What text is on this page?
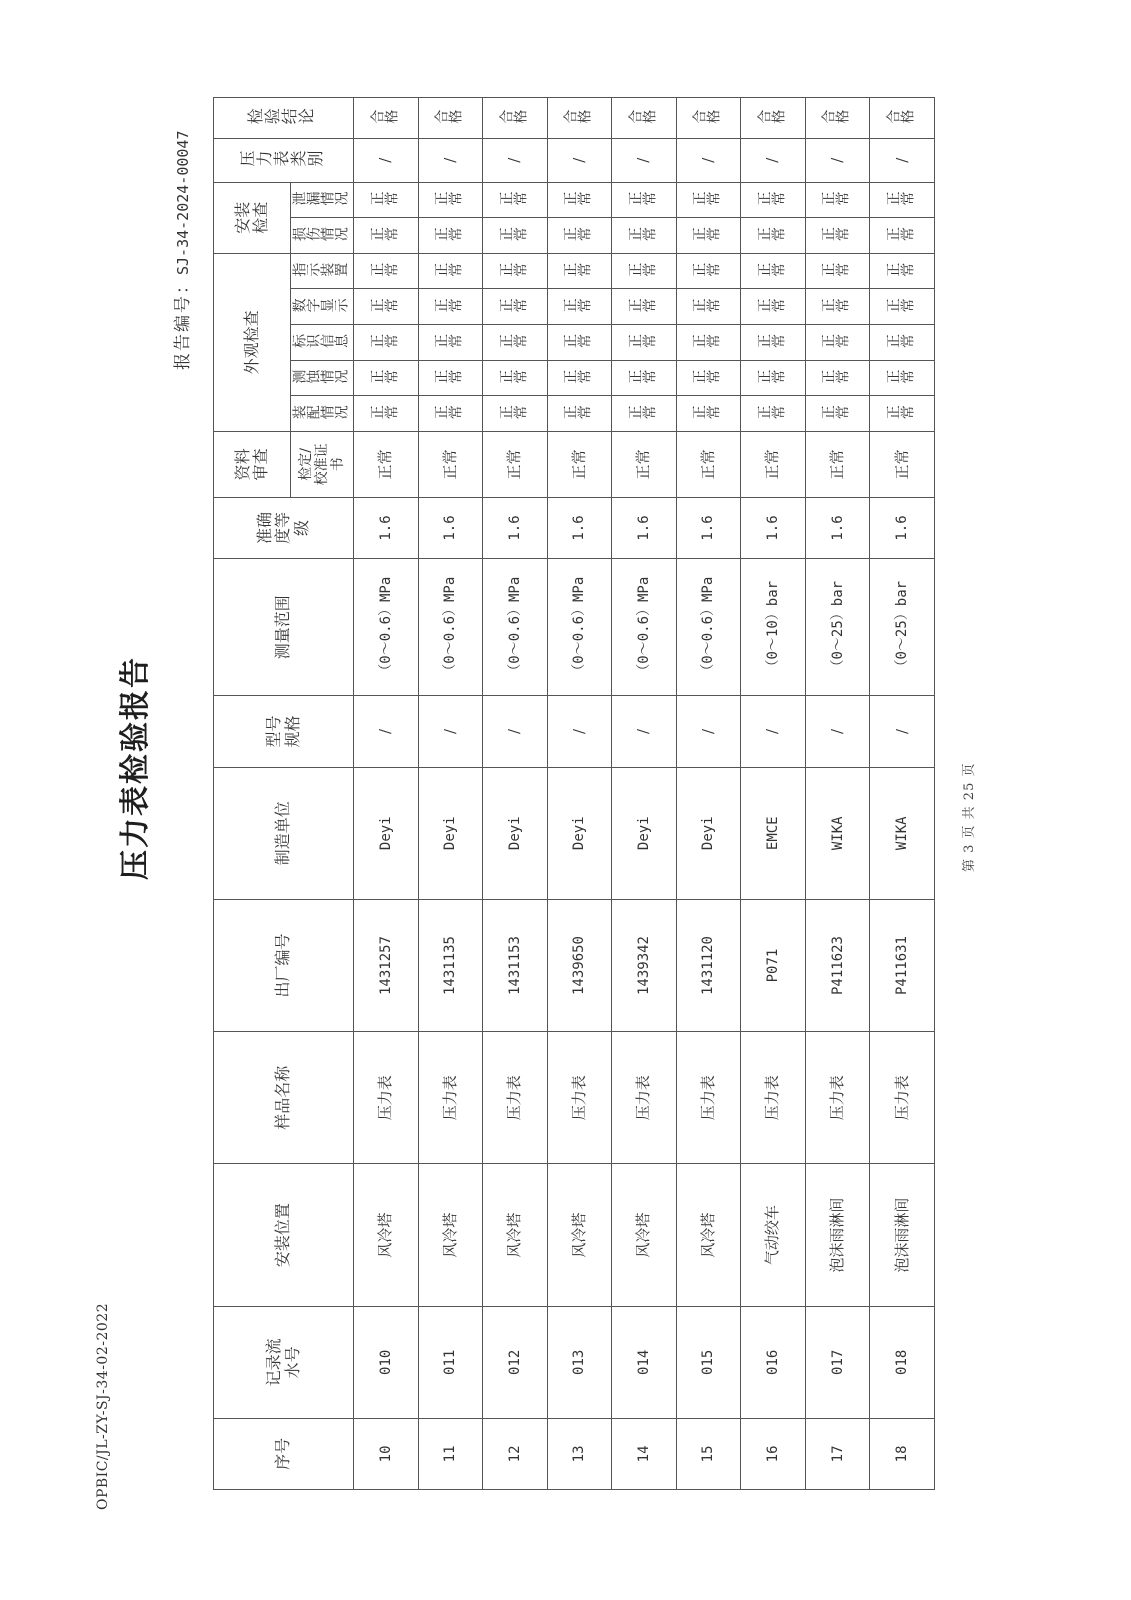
OPBIC/JL-ZY-SJ-34-02-2022
压力表检验报告
报告编号：SJ-34-2024-00047
序号	记录流水号	安装位置	样品名称	出厂编号	制造单位	型号规格	测量范围	准确度等级	资料审查	外观检查					安装检查		压力表类别	检验结论
									检定/校准证书	装配情况	测蚀情况	标识信息	数字显示	指示装置	损伤情况	泄漏情况		
10	010	风冷塔	压力表	1431257	Deyi	/	（0～0.6）MPa	1.6	正常	正常	正常	正常	正常	正常	正常	正常	/	合格
11	011	风冷塔	压力表	1431135	Deyi	/	（0～0.6）MPa	1.6	正常	正常	正常	正常	正常	正常	正常	正常	/	合格
12	012	风冷塔	压力表	1431153	Deyi	/	（0～0.6）MPa	1.6	正常	正常	正常	正常	正常	正常	正常	正常	/	合格
13	013	风冷塔	压力表	1439650	Deyi	/	（0～0.6）MPa	1.6	正常	正常	正常	正常	正常	正常	正常	正常	/	合格
14	014	风冷塔	压力表	1439342	Deyi	/	（0～0.6）MPa	1.6	正常	正常	正常	正常	正常	正常	正常	正常	/	合格
15	015	风冷塔	压力表	1431120	Deyi	/	（0～0.6）MPa	1.6	正常	正常	正常	正常	正常	正常	正常	正常	/	合格
16	016	气动绞车	压力表	P071	EMCE	/	（0～10）bar	1.6	正常	正常	正常	正常	正常	正常	正常	正常	/	合格
17	017	泡沫雨淋间	压力表	P411623	WIKA	/	（0～25）bar	1.6	正常	正常	正常	正常	正常	正常	正常	正常	/	合格
18	018	泡沫雨淋间	压力表	P411631	WIKA	/	（0～25）bar	1.6	正常	正常	正常	正常	正常	正常	正常	正常	/	合格
第 3 页 共 25 页
